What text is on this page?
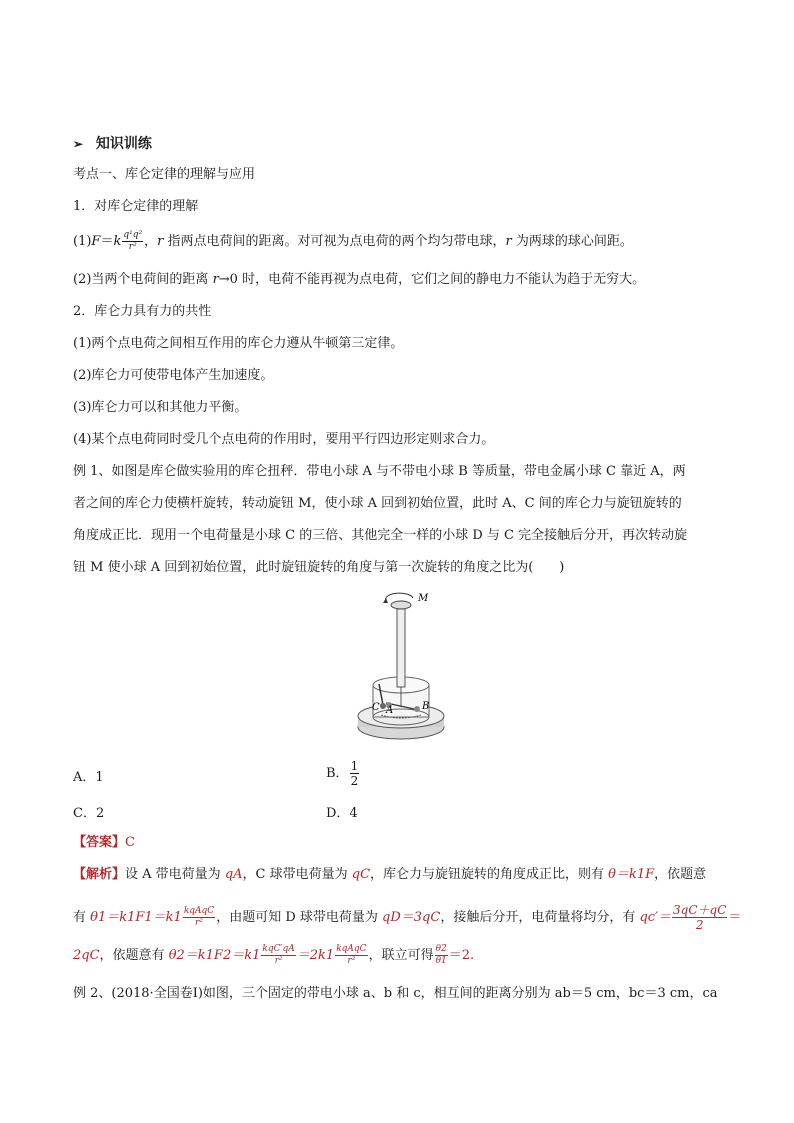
➢ 知识训练
考点一、库仑定律的理解与应用
1．对库仑定律的理解
$(1)F=k \frac{\text{q¹q²}}{\text{r²}}$ ，r 指两点电荷间的距离。对可视为点电荷的两个均匀带电球，r 为两球的球心间距。
(2)当两个电荷间的距离 r→0 时，电荷不能再视为点电荷，它们之间的静电力不能认为趋于无穷大。
2．库仑力具有力的共性
(1)两个点电荷之间相互作用的库仑力遵从牛顿第三定律。
(2)库仑力可使带电体产生加速度。
(3)库仑力可以和其他力平衡。
(4)某个点电荷同时受几个点电荷的作用时，要用平行四边形定则求合力。
例 1、如图是库仑做实验用的库仑扭秤．带电小球 A 与不带电小球 B 等质量，带电金属小球 C 靠近 A，两
者之间的库仑力使横杆旋转，转动旋钮 M，使小球 A 回到初始位置，此时 A、C 间的库仑力与旋钮旋转的
角度成正比．现用一个电荷量是小球 C 的三倍、其他完全一样的小球 D 与 C 完全接触后分开，再次转动旋
钮 M 使小球 A 回到初始位置，此时旋钮旋转的角度与第一次旋转的角度之比为(　　)
M
C A	B
A．1	B． $\frac{1}{2}$
C．2	D．4
【答案】C
【解析】设 A 带电荷量为 qA，C 球带电荷量为 qC，库仑力与旋钮旋转的角度成正比，则有 θ＝k1F，依题意
有 $\theta 1=k1F1=k1 \frac{\text{kqAqC}}{\text{r²}}$ ，由题可知 D 球带电荷量为 qD＝3qC，接触后分开，电荷量将均分，有 $qc'= \frac{3qC+qC}{2}$ ＝
2qC，依题意有 $\theta 2=k1F2=k1 \frac{\text{kqC′qA}}{\text{r²}} =2k1 \frac{\text{kqAqC}}{\text{r²}}$ ，联立可得 $\frac{\theta 2}{\theta 1} =2$.
例 2、(2018·全国卷Ⅰ)如图，三个固定的带电小球 a、b 和 c，相互间的距离分别为 ab＝5 cm，bc＝3 cm，ca
